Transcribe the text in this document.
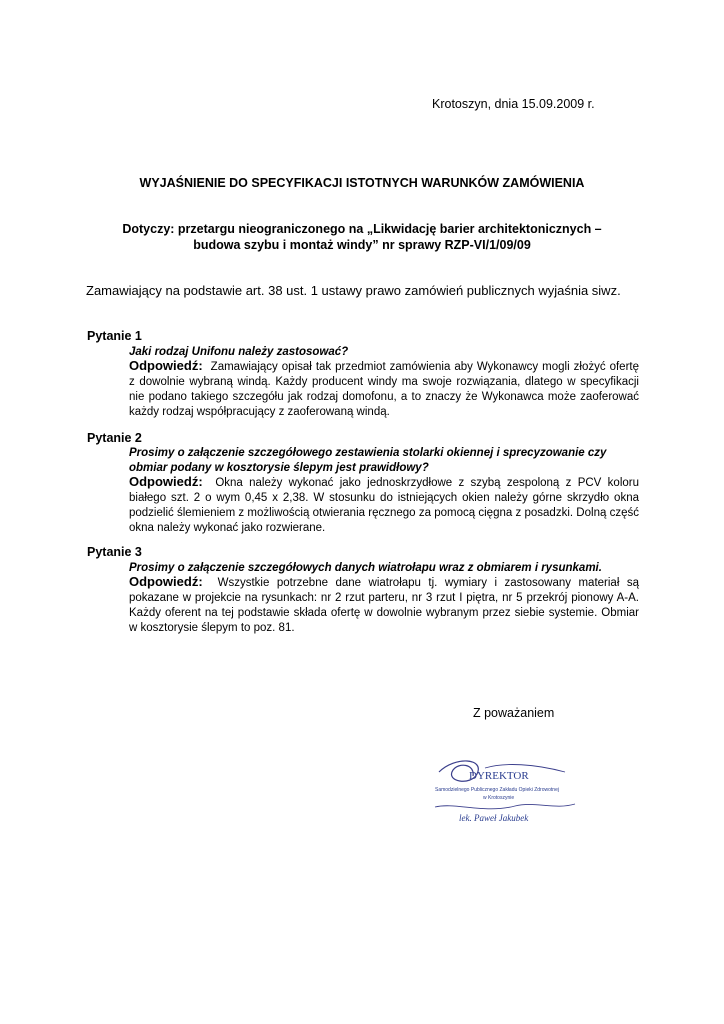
Krotoszyn, dnia 15.09.2009 r.
WYJAŚNIENIE DO SPECYFIKACJI ISTOTNYCH WARUNKÓW ZAMÓWIENIA
Dotyczy: przetargu nieograniczonego na „Likwidację barier architektonicznych –
budowa szybu i montaż windy” nr sprawy RZP-VI/1/09/09
Zamawiający na podstawie art. 38 ust. 1 ustawy prawo zamówień publicznych wyjaśnia siwz.
Pytanie 1
Jaki rodzaj Unifonu należy zastosować?
Odpowiedź: Zamawiający opisał tak przedmiot zamówienia aby Wykonawcy mogli złożyć ofertę z dowolnie wybraną windą. Każdy producent windy ma swoje rozwiązania, dlatego w specyfikacji nie podano takiego szczegółu jak rodzaj domofonu, a to znaczy że Wykonawca może zaoferować każdy rodzaj współpracujący z zaoferowaną windą.
Pytanie 2
Prosimy o załączenie szczegółowego zestawienia stolarki okiennej i sprecyzowanie czy obmiar podany w kosztorysie ślepym jest prawidłowy?
Odpowiedź: Okna należy wykonać jako jednoskrzydłowe z szybą zespoloną z PCV koloru białego szt. 2 o wym 0,45 x 2,38. W stosunku do istniejących okien należy górne skrzydło okna podzielić ślemieniem z możliwością otwierania ręcznego za pomocą cięgna z posadzki. Dolną część okna należy wykonać jako rozwierane.
Pytanie 3
Prosimy o załączenie szczegółowych danych wiatrołapu wraz z obmiarem i rysunkami.
Odpowiedź: Wszystkie potrzebne dane wiatrołapu tj. wymiary i zastosowany materiał są pokazane w projekcie na rysunkach: nr 2 rzut parteru, nr 3 rzut I piętra, nr 5 przekrój pionowy A-A. Każdy oferent na tej podstawie składa ofertę w dowolnie wybranym przez siebie systemie. Obmiar w kosztorysie ślepym to poz. 81.
Z poważaniem
DYREKTOR
Samodzielnego Publicznego Zakładu Opieki Zdrowotnej
w Krotoszynie
lek. Paweł Jakubek
